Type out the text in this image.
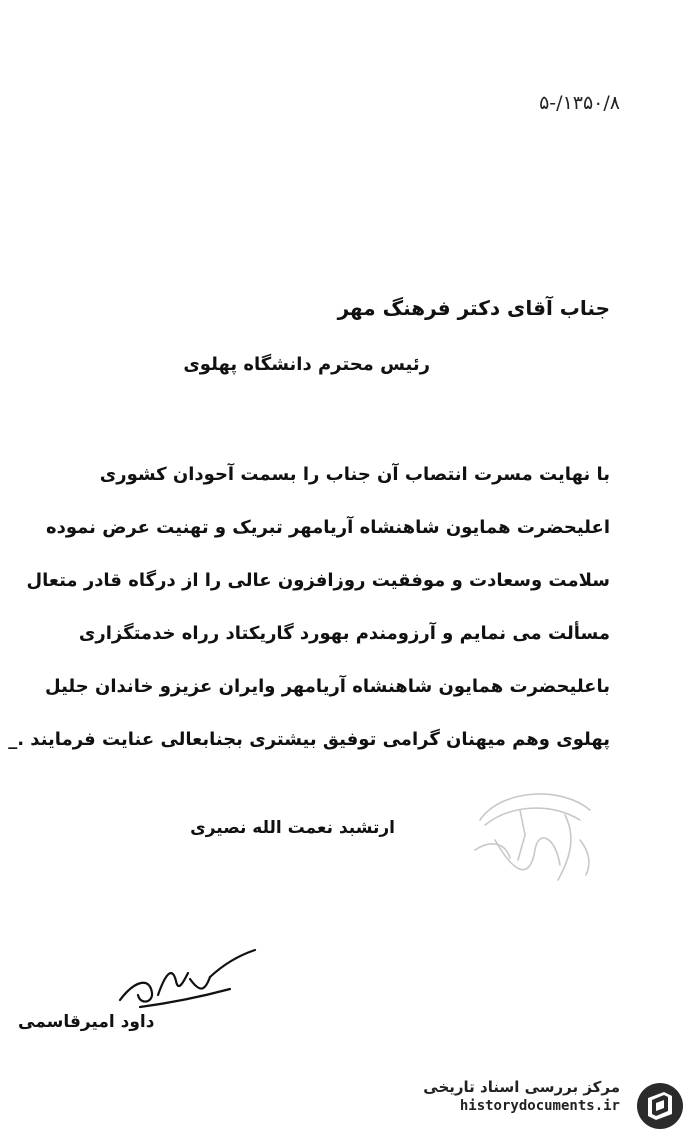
۱۳۵۰/۸/-۵
جناب آقای دکتر فرهنگ مهر
رئیس محترم دانشگاه پهلوی
با نهایت مسرت انتصاب آن جناب را بسمت آحودان کشوری
اعلیحضرت همایون شاهنشاه آریامهر تبریک و تهنیت عرض نموده
سلامت وسعادت و موفقیت روزافزون عالی را از درگاه قادر متعال
مسألت می نمایم و آرزومندم بهورد گاریکتاد رراه خدمتگزاری
باعلیحضرت همایون شاهنشاه آریامهر وایران عزیزو خاندان جلیل
پهلوی وهم میهنان گرامی توفیق بیشتری بجنابعالی عنایت فرمایند ._
ارتشبد نعمت الله نصیری
داود امیرقاسمی
مرکز بررسی اسناد تاریخی
historydocuments.ir
